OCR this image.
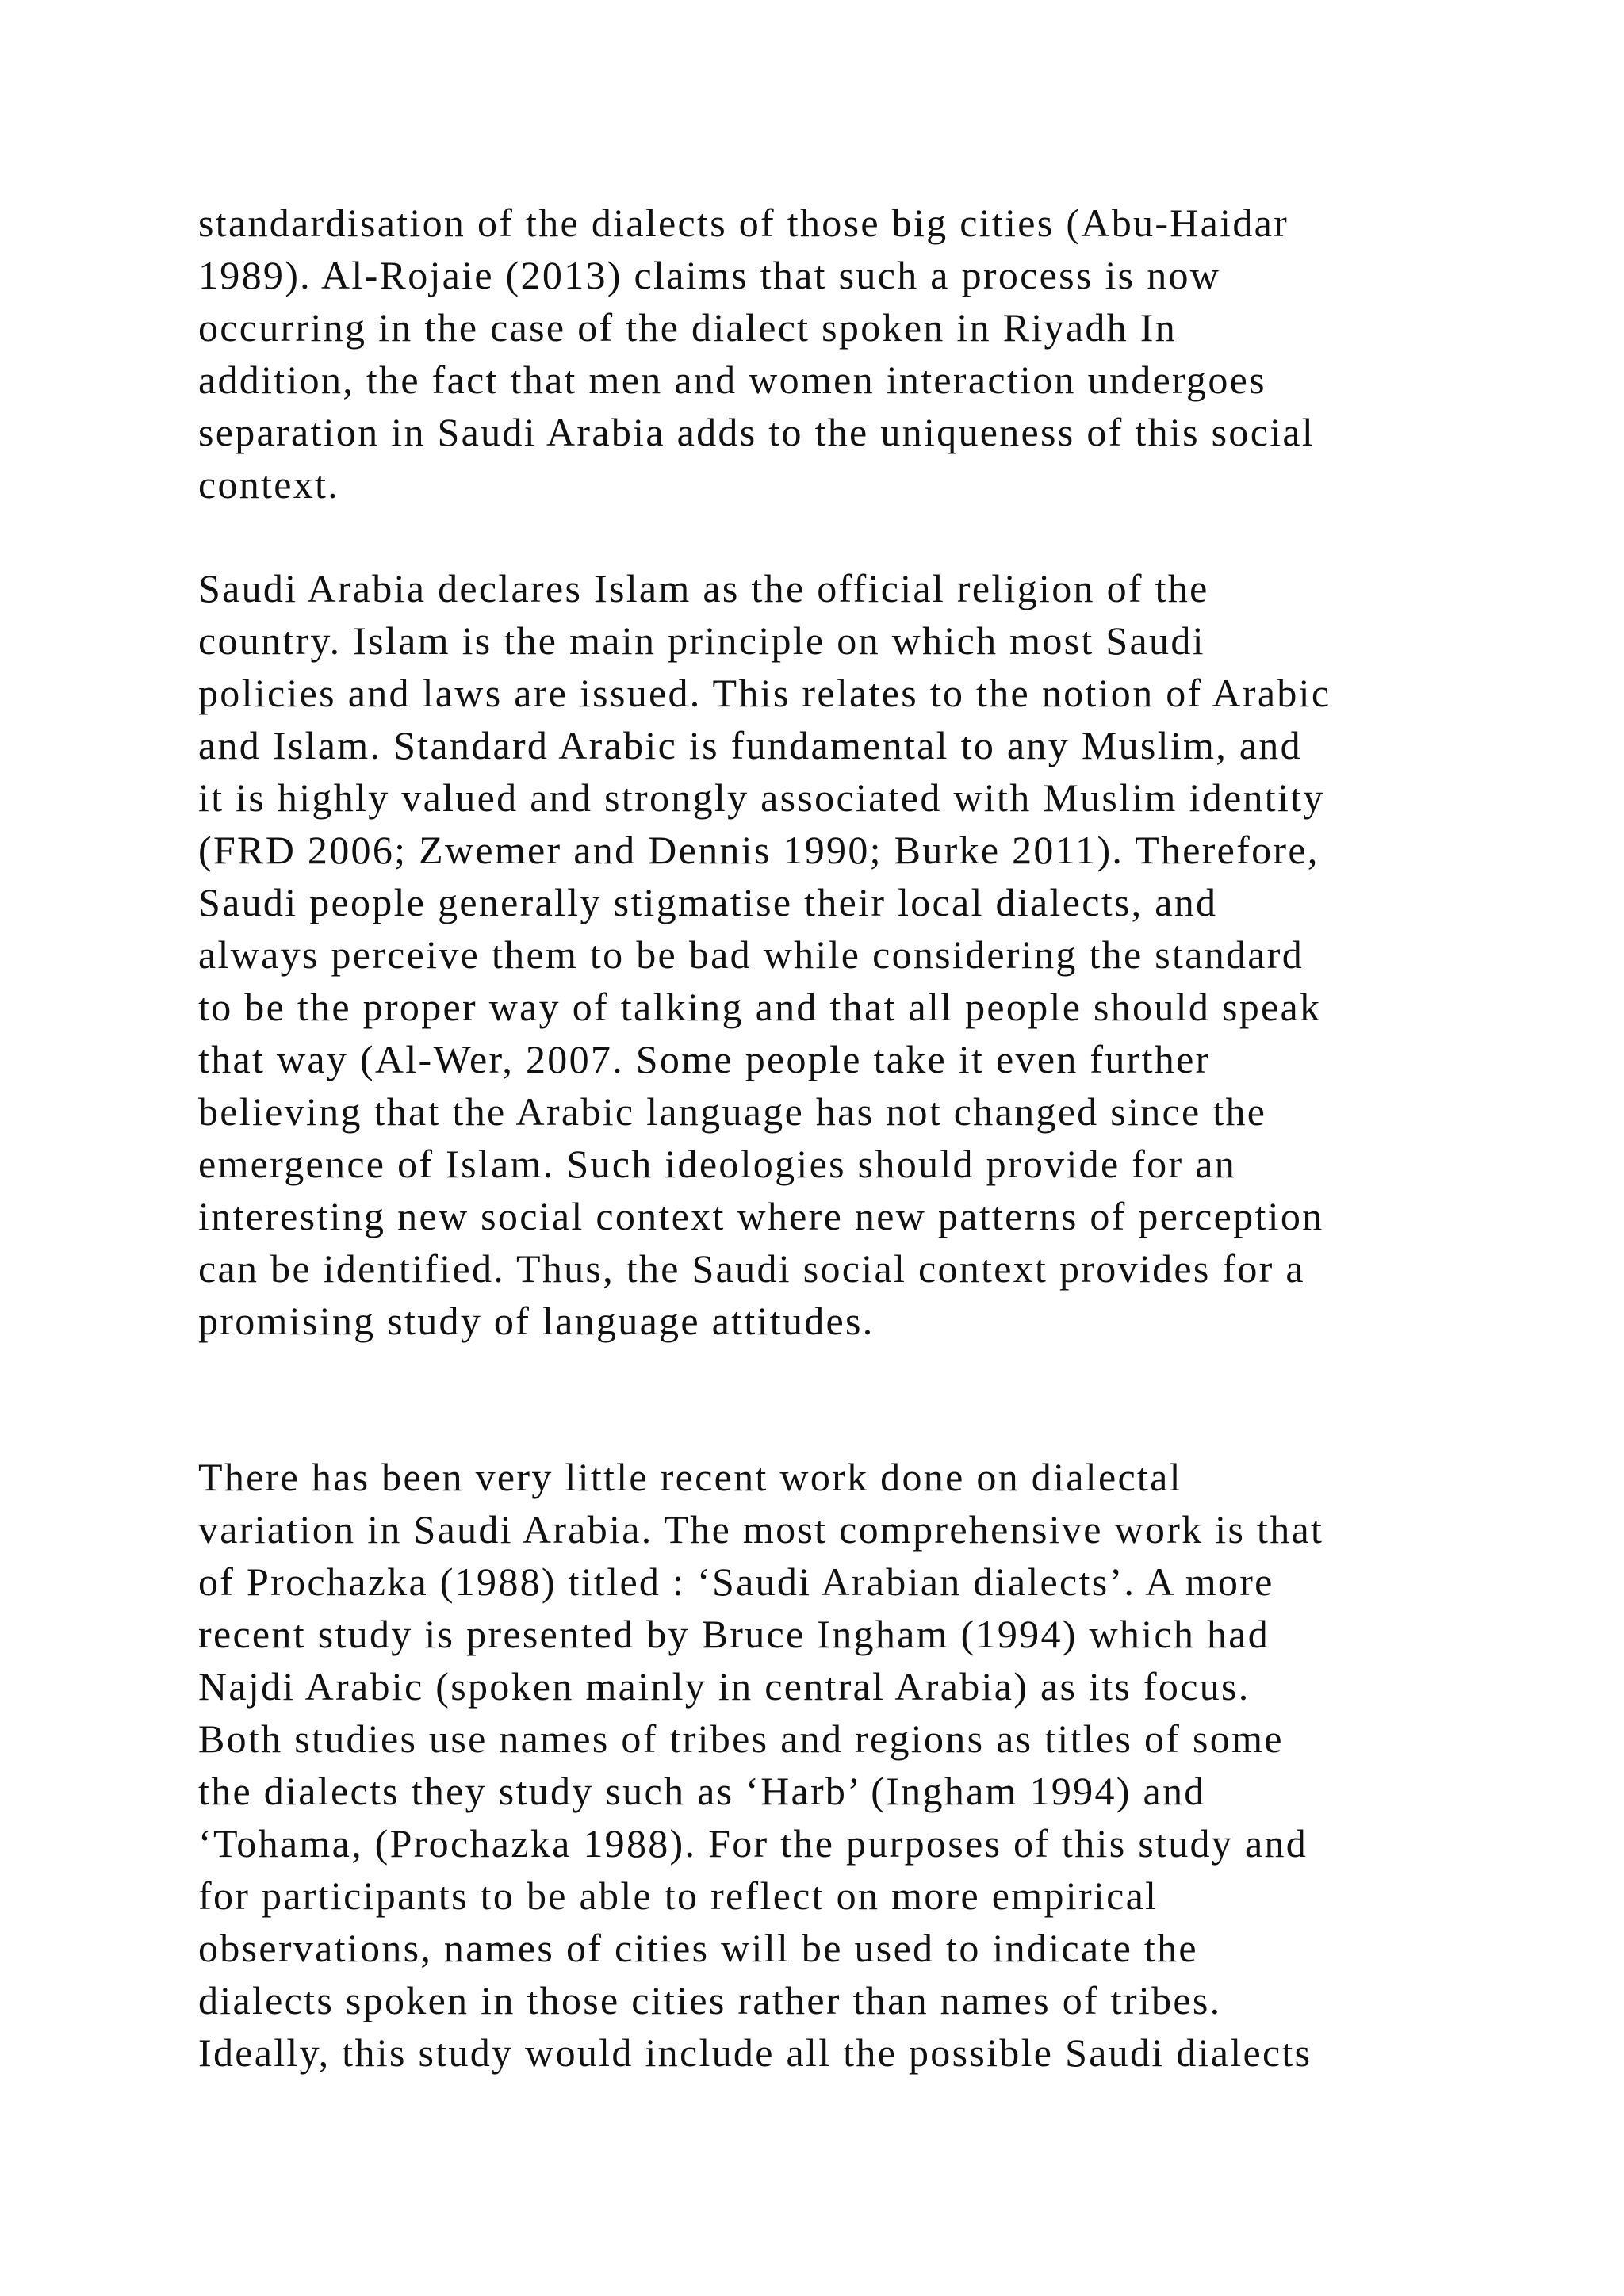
standardisation of the dialects of those big cities (Abu-Haidar
1989). Al-Rojaie (2013) claims that such a process is now
occurring in the case of the dialect spoken in Riyadh In
addition, the fact that men and women interaction undergoes
separation in Saudi Arabia adds to the uniqueness of this social
context.

Saudi Arabia declares Islam as the official religion of the
country. Islam is the main principle on which most Saudi
policies and laws are issued. This relates to the notion of Arabic
and Islam. Standard Arabic is fundamental to any Muslim, and
it is highly valued and strongly associated with Muslim identity
(FRD 2006; Zwemer and Dennis 1990; Burke 2011). Therefore,
Saudi people generally stigmatise their local dialects, and
always perceive them to be bad while considering the standard
to be the proper way of talking and that all people should speak
that way (Al-Wer, 2007. Some people take it even further
believing that the Arabic language has not changed since the
emergence of Islam. Such ideologies should provide for an
interesting new social context where new patterns of perception
can be identified. Thus, the Saudi social context provides for a
promising study of language attitudes.

There has been very little recent work done on dialectal
variation in Saudi Arabia. The most comprehensive work is that
of Prochazka (1988) titled : ‘Saudi Arabian dialects’. A more
recent study is presented by Bruce Ingham (1994) which had
Najdi Arabic (spoken mainly in central Arabia) as its focus.
Both studies use names of tribes and regions as titles of some
the dialects they study such as ‘Harb’ (Ingham 1994) and
‘Tohama, (Prochazka 1988). For the purposes of this study and
for participants to be able to reflect on more empirical
observations, names of cities will be used to indicate the
dialects spoken in those cities rather than names of tribes.
Ideally, this study would include all the possible Saudi dialects
